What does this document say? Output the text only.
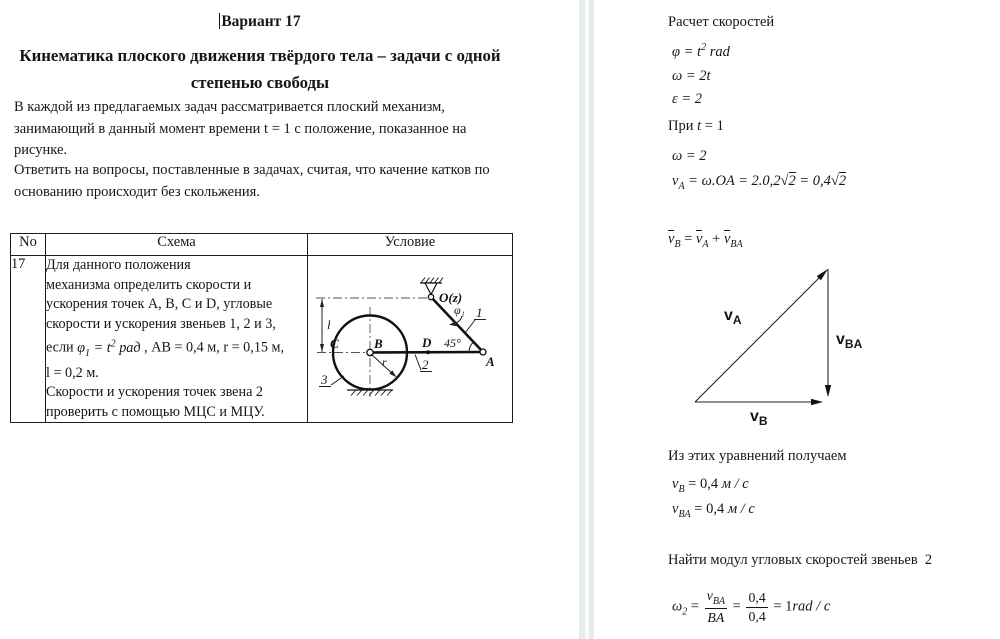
Вариант 17
Кинематика плоского движения твёрдого тела – задачи с одной
степенью свободы

В каждой из предлагаемых задач рассматривается плоский механизм,
занимающий в данный момент времени t = 1 с положение, показанное на
рисунке.

Ответить на вопросы, поставленные в задачах, считая, что качение катков по
основанию происходит без скольжения.

No	Схема	Условие
17	Для данного положения
механизма определить скорости и
ускорения точек А, В, С и D, угловые
скорости и ускорения звеньев 1, 2 и 3,
если $\varphi_1 = t^2$ рад , AB = 0,4 м, r = 0,15 м,
l = 0,2 м.
Скорости и ускорения точек звена 2
проверить с помощью МЦС и МЦУ.	
l
r
45°
φ₁ 1
2
3
O(z)
A
B
C	D
Расчет скоростей
$\varphi = t^2$ rad
ω = 2t
ε = 2
При t = 1
ω = 2
$v_A = \omega.OA = 2.0,2√2 = 0,4√2$
$v_B = v_A + v_{BA}$
$v_A$
$v_{BA}$
$v_B$
Из этих уравнений получаем
$v_B = 0,4$ м / с
$v_{BA} = 0,4$ м / с
Найти модул угловых скоростей звеньев  2
$\omega_2 = \frac{v_{BA}}{BA} = \frac{0,4}{0,4} = 1rad / c$
